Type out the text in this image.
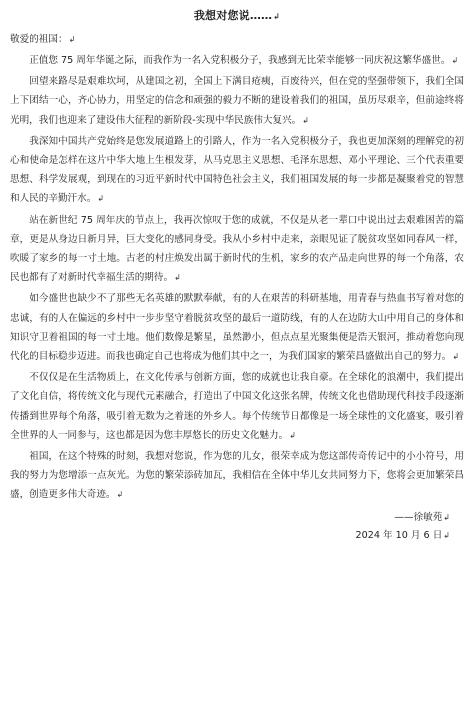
我想对您说……↲
敬爱的祖国：↲

正值您 75 周年华诞之际，而我作为一名入党积极分子，我感到无比荣幸能够一同庆祝这繁华盛世。↲

回望来路尽是艰难坎坷，从建国之初，全国上下满目疮痍，百废待兴，但在党的坚强带领下，我们全国上下团结一心，齐心协力，用坚定的信念和顽强的毅力不断的建设着我们的祖国，虽历尽艰辛，但前途终将光明，我们也迎来了建设伟大征程的新阶段-实现中华民族伟大复兴。↲

我深知中国共产党始终是您发展道路上的引路人，作为一名入党积极分子，我也更加深刻的理解党的初心和使命是怎样在这片中华大地上生根发芽，从马克思主义思想、毛泽东思想、邓小平理论、三个代表重要思想、科学发展观，到现在的习近平新时代中国特色社会主义，我们祖国发展的每一步都是凝聚着党的智慧和人民的辛勤汗水。↲

站在新世纪 75 周年庆的节点上，我再次惊叹于您的成就，不仅是从老一辈口中说出过去艰难困苦的篇章，更是从身边日新月异，巨大变化的感同身受。我从小乡村中走来，亲眼见证了脱贫攻坚如同春风一样，吹暖了家乡的每一寸土地。古老的村庄焕发出属于新时代的生机，家乡的农产品走向世界的每一个角落，农民也都有了对新时代幸福生活的期待。↲

如今盛世也缺少不了那些无名英雄的默默奉献，有的人在艰苦的科研基地，用青春与热血书写着对您的忠诚，有的人在偏远的乡村中一步步坚守着脱贫攻坚的最后一道防线，有的人在边防大山中用自己的身体和知识守卫着祖国的每一寸土地。他们数像是繁星，虽然渺小，但点点星光聚集便是浩天银河，推动着您向现代化的目标稳步迈进。而我也确定自己也将成为他们其中之一，为我们国家的繁荣昌盛做出自己的努力。↲

不仅仅是在生活物质上，在文化传承与创新方面，您的成就也让我自豪。在全球化的浪潮中，我们提出了文化自信，将传统文化与现代元素融合，打造出了中国文化这张名牌，传统文化也借助现代科技手段逐渐传播到世界每个角落，吸引着无数为之着迷的外乡人。每个传统节日都像是一场全球性的文化盛宴，吸引着全世界的人一同参与，这也都是因为您丰厚悠长的历史文化魅力。↲

祖国，在这个特殊的时刻，我想对您说，作为您的儿女，很荣幸成为您这部传奇传记中的小小符号，用我的努力为您增添一点灰光。为您的繁荣添砖加瓦，我相信在全体中华儿女共同努力下，您将会更加繁荣昌盛，创造更多伟大奇迹。↲

——徐敏苑↲
2024 年 10 月 6 日↲
